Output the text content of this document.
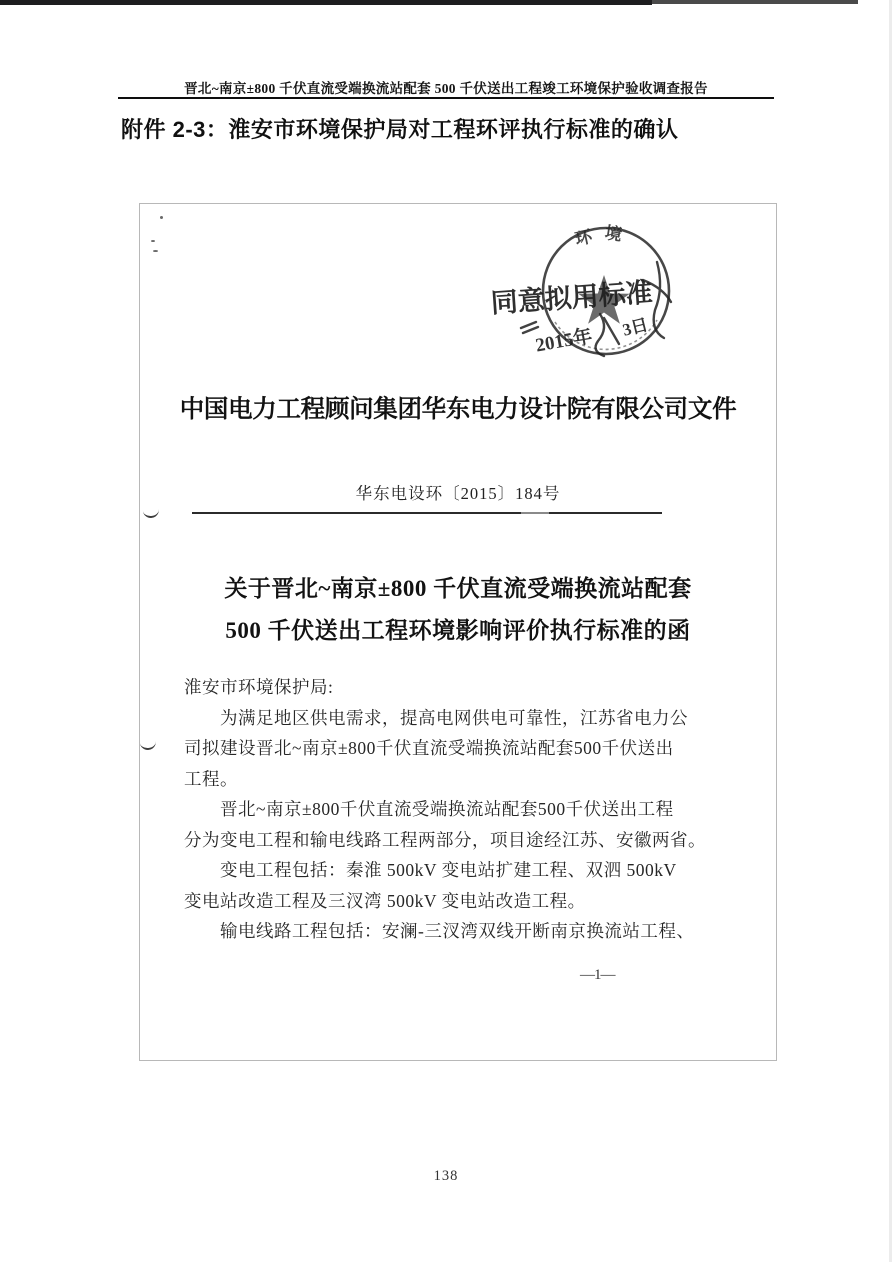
晋北~南京±800 千伏直流受端换流站配套 500 千伏送出工程竣工环境保护验收调查报告
附件 2-3：淮安市环境保护局对工程环评执行标准的确认
环 境
同意拟用标准
2015年 3日
中国电力工程顾问集团华东电力设计院有限公司文件
华东电设环〔2015〕184号
关于晋北~南京±800 千伏直流受端换流站配套
500 千伏送出工程环境影响评价执行标准的函
淮安市环境保护局:
为满足地区供电需求，提高电网供电可靠性，江苏省电力公
司拟建设晋北~南京±800千伏直流受端换流站配套500千伏送出
工程。
晋北~南京±800千伏直流受端换流站配套500千伏送出工程
分为变电工程和输电线路工程两部分，项目途经江苏、安徽两省。
变电工程包括：秦淮 500kV 变电站扩建工程、双泗 500kV
变电站改造工程及三汊湾 500kV 变电站改造工程。
输电线路工程包括：安澜-三汊湾双线开断南京换流站工程、
—1—
138
